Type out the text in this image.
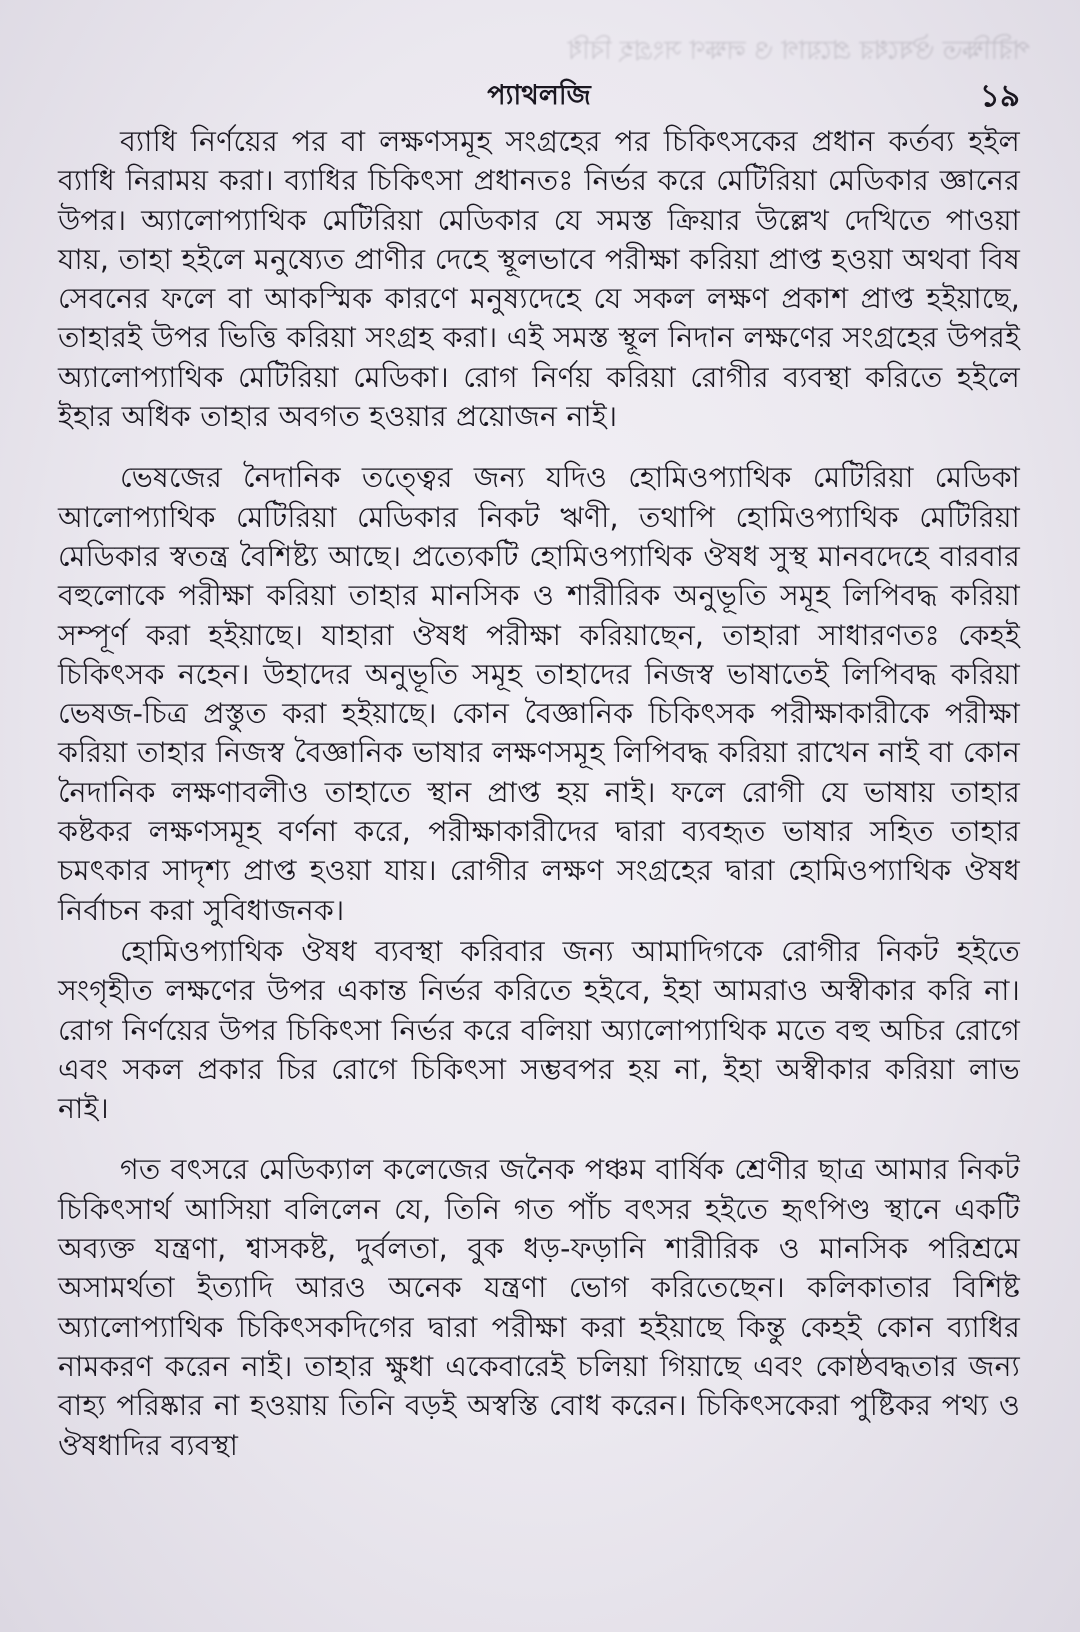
পরীক্ষিত ঔষধের প্রয়োগ ও লক্ষণ সংগ্রহ বিধি
প্যাথলজি	১৯

ব্যাধি নির্ণয়ের পর বা লক্ষণসমূহ সংগ্রহের পর চিকিৎসকের প্রধান কর্তব্য হইল ব্যাধি নিরাময় করা। ব্যাধির চিকিৎসা প্রধানতঃ নির্ভর করে মেটিরিয়া মেডিকার জ্ঞানের উপর। অ্যালোপ্যাথিক মেটিরিয়া মেডিকার যে সমস্ত ক্রিয়ার উল্লেখ দেখিতে পাওয়া যায়, তাহা হইলে মনুষ্যেত প্রাণীর দেহে স্থূলভাবে পরীক্ষা করিয়া প্রাপ্ত হওয়া অথবা বিষ সেবনের ফলে বা আকস্মিক কারণে মনুষ্যদেহে যে সকল লক্ষণ প্রকাশ প্রাপ্ত হইয়াছে, তাহারই উপর ভিত্তি করিয়া সংগ্রহ করা। এই সমস্ত স্থূল নিদান লক্ষণের সংগ্রহের উপরই অ্যালোপ্যাথিক মেটিরিয়া মেডিকা। রোগ নির্ণয় করিয়া রোগীর ব্যবস্থা করিতে হইলে ইহার অধিক তাহার অবগত হওয়ার প্রয়োজন নাই।

ভেষজের নৈদানিক তত্ত্বের জন্য যদিও হোমিওপ্যাথিক মেটিরিয়া মেডিকা আলোপ্যাথিক মেটিরিয়া মেডিকার নিকট ঋণী, তথাপি হোমিওপ্যাথিক মেটিরিয়া মেডিকার স্বতন্ত্র বৈশিষ্ট্য আছে। প্রত্যেকটি হোমিওপ্যাথিক ঔষধ সুস্থ মানবদেহে বারবার বহুলোকে পরীক্ষা করিয়া তাহার মানসিক ও শারীরিক অনুভূতি সমূহ লিপিবদ্ধ করিয়া সম্পূর্ণ করা হইয়াছে। যাহারা ঔষধ পরীক্ষা করিয়াছেন, তাহারা সাধারণতঃ কেহই চিকিৎসক নহেন। উহাদের অনুভূতি সমূহ তাহাদের নিজস্ব ভাষাতেই লিপিবদ্ধ করিয়া ভেষজ-চিত্র প্রস্তুত করা হইয়াছে। কোন বৈজ্ঞানিক চিকিৎসক পরীক্ষাকারীকে পরীক্ষা করিয়া তাহার নিজস্ব বৈজ্ঞানিক ভাষার লক্ষণসমূহ লিপিবদ্ধ করিয়া রাখেন নাই বা কোন নৈদানিক লক্ষণাবলীও তাহাতে স্থান প্রাপ্ত হয় নাই। ফলে রোগী যে ভাষায় তাহার কষ্টকর লক্ষণসমূহ বর্ণনা করে, পরীক্ষাকারীদের দ্বারা ব্যবহৃত ভাষার সহিত তাহার চমৎকার সাদৃশ্য প্রাপ্ত হওয়া যায়। রোগীর লক্ষণ সংগ্রহের দ্বারা হোমিওপ্যাথিক ঔষধ নির্বাচন করা সুবিধাজনক।

হোমিওপ্যাথিক ঔষধ ব্যবস্থা করিবার জন্য আমাদিগকে রোগীর নিকট হইতে সংগৃহীত লক্ষণের উপর একান্ত নির্ভর করিতে হইবে, ইহা আমরাও অস্বীকার করি না। রোগ নির্ণয়ের উপর চিকিৎসা নির্ভর করে বলিয়া অ্যালোপ্যাথিক মতে বহু অচির রোগে এবং সকল প্রকার চির রোগে চিকিৎসা সম্ভবপর হয় না, ইহা অস্বীকার করিয়া লাভ নাই।

গত বৎসরে মেডিক্যাল কলেজের জনৈক পঞ্চম বার্ষিক শ্রেণীর ছাত্র আমার নিকট চিকিৎসার্থ আসিয়া বলিলেন যে, তিনি গত পাঁচ বৎসর হইতে হৃৎপিণ্ড স্থানে একটি অব্যক্ত যন্ত্রণা, শ্বাসকষ্ট, দুর্বলতা, বুক ধড়-ফড়ানি শারীরিক ও মানসিক পরিশ্রমে অসামর্থতা ইত্যাদি আরও অনেক যন্ত্রণা ভোগ করিতেছেন। কলিকাতার বিশিষ্ট অ্যালোপ্যাথিক চিকিৎসকদিগের দ্বারা পরীক্ষা করা হইয়াছে কিন্তু কেহই কোন ব্যাধির নামকরণ করেন নাই। তাহার ক্ষুধা একেবারেই চলিয়া গিয়াছে এবং কোষ্ঠবদ্ধতার জন্য বাহ্য পরিষ্কার না হওয়ায় তিনি বড়ই অস্বস্তি বোধ করেন। চিকিৎসকেরা পুষ্টিকর পথ্য ও ঔষধাদির ব্যবস্থা
